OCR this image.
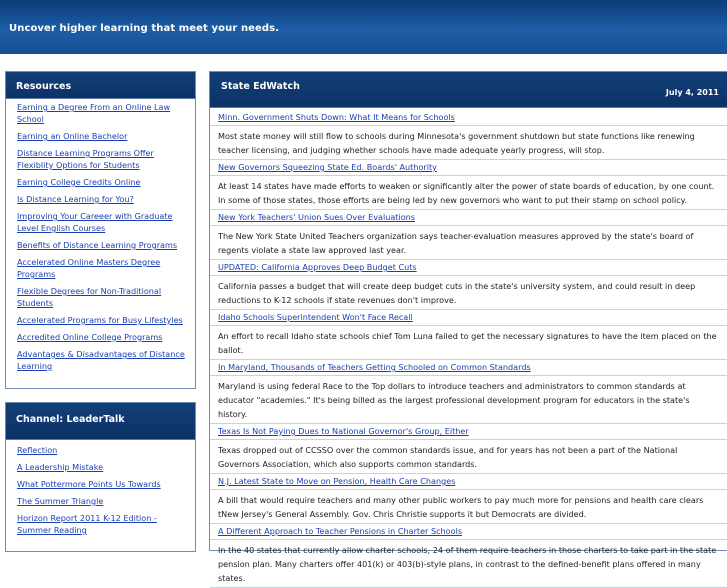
Uncover higher learning that meet your needs.
Resources
Earning a Degree From an Online Law School
Earning an Online Bachelor
Distance Learning Programs Offer Flexiblity Options for Students
Earning College Credits Online
Is Distance Learning for You?
Improving Your Careeer with Graduate Level English Courses
Benefits of Distance Learning Programs
Accelerated Online Masters Degree Programs
Flexible Degrees for Non-Traditional Students
Accelerated Programs for Busy Lifestyles
Accredited Online College Programs
Advantages & Disadvantages of Distance Learning
Channel: LeaderTalk
Reflection
A Leadership Mistake
What Pottermore Points Us Towards
The Summer Triangle
Horizon Report 2011 K-12 Edition - Summer Reading
State EdWatch
July 4, 2011
Minn. Government Shuts Down: What It Means for Schools
Most state money will still flow to schools during Minnesota's government shutdown but state functions like renewing teacher licensing, and judging whether schools have made adequate yearly progress, will stop.
New Governors Squeezing State Ed. Boards' Authority
At least 14 states have made efforts to weaken or significantly alter the power of state boards of education, by one count. In some of those states, those efforts are being led by new governors who want to put their stamp on school policy.
New York Teachers' Union Sues Over Evaluations
The New York State United Teachers organization says teacher-evaluation measures approved by the state's board of regents violate a state law approved last year.
UPDATED: California Approves Deep Budget Cuts
California passes a budget that will create deep budget cuts in the state's university system, and could result in deep reductions to K-12 schools if state revenues don't improve.
Idaho Schools Superintendent Won't Face Recall
An effort to recall Idaho state schools chief Tom Luna failed to get the necessary signatures to have the item placed on the ballot.
In Maryland, Thousands of Teachers Getting Schooled on Common Standards
Maryland is using federal Race to the Top dollars to introduce teachers and administrators to common standards at educator "academies." It's being billed as the largest professional development program for educators in the state's history.
Texas Is Not Paying Dues to National Governor's Group, Either
Texas dropped out of CCSSO over the common standards issue, and for years has not been a part of the National Governors Association, which also supports common standards.
N.J. Latest State to Move on Pension, Health Care Changes
A bill that would require teachers and many other public workers to pay much more for pensions and health care clears tNew Jersey's General Assembly. Gov. Chris Christie supports it but Democrats are divided.
A Different Approach to Teacher Pensions in Charter Schools
In the 40 states that currently allow charter schools, 24 of them require teachers in those charters to take part in the state pension plan. Many charters offer 401(k) or 403(b)-style plans, in contrast to the defined-benefit plans offered in many states.
